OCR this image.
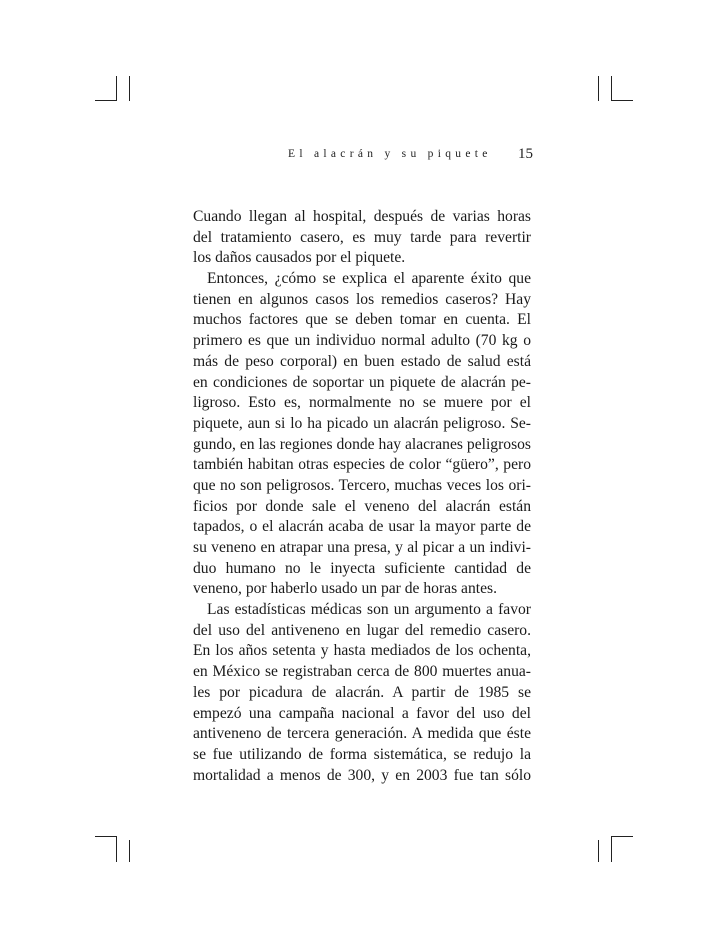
El alacrán y su piquete 15
Cuando llegan al hospital, después de varias horas
del tratamiento casero, es muy tarde para revertir
los daños causados por el piquete.
Entonces, ¿cómo se explica el aparente éxito que
tienen en algunos casos los remedios caseros? Hay
muchos factores que se deben tomar en cuenta. El
primero es que un individuo normal adulto (70 kg o
más de peso corporal) en buen estado de salud está
en condiciones de soportar un piquete de alacrán pe-
ligroso. Esto es, normalmente no se muere por el
piquete, aun si lo ha picado un alacrán peligroso. Se-
gundo, en las regiones donde hay alacranes peligrosos
también habitan otras especies de color “güero”, pero
que no son peligrosos. Tercero, muchas veces los ori-
ficios por donde sale el veneno del alacrán están
tapados, o el alacrán acaba de usar la mayor parte de
su veneno en atrapar una presa, y al picar a un indivi-
duo humano no le inyecta suficiente cantidad de
veneno, por haberlo usado un par de horas antes.
Las estadísticas médicas son un argumento a favor
del uso del antiveneno en lugar del remedio casero.
En los años setenta y hasta mediados de los ochenta,
en México se registraban cerca de 800 muertes anua-
les por picadura de alacrán. A partir de 1985 se
empezó una campaña nacional a favor del uso del
antiveneno de tercera generación. A medida que éste
se fue utilizando de forma sistemática, se redujo la
mortalidad a menos de 300, y en 2003 fue tan sólo
